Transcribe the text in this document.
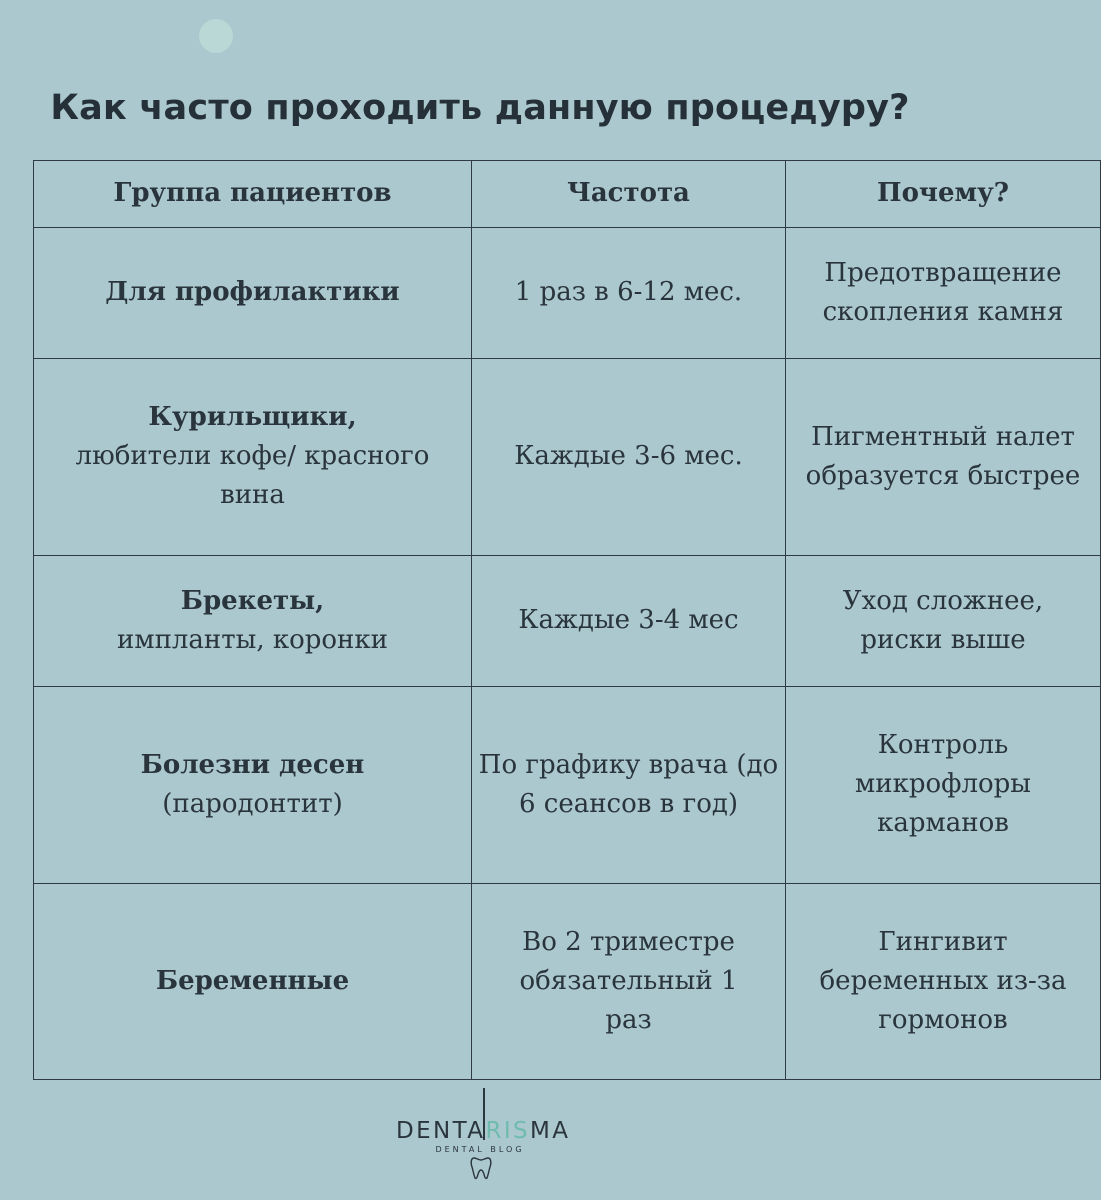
Как часто проходить данную процедуру?
Группа пациентов	Частота	Почему?
Для профилактики	1 раз в 6-12 мес.	Предотвращение скопления камня
Курильщики,
любители кофе/ красного вина	Каждые 3-6 мес.	Пигментный налет образуется быстрее
Брекеты,
импланты, коронки	Каждые 3-4 мес	Уход сложнее, риски выше
Болезни десен
(пародонтит)	По графику врача (до 6 сеансов в год)	Контроль микрофлоры карманов
Беременные	Во 2 триместре обязательный 1 раз	Гингивит беременных из-за гормонов
DENTARISMA
DENTAL BLOG
